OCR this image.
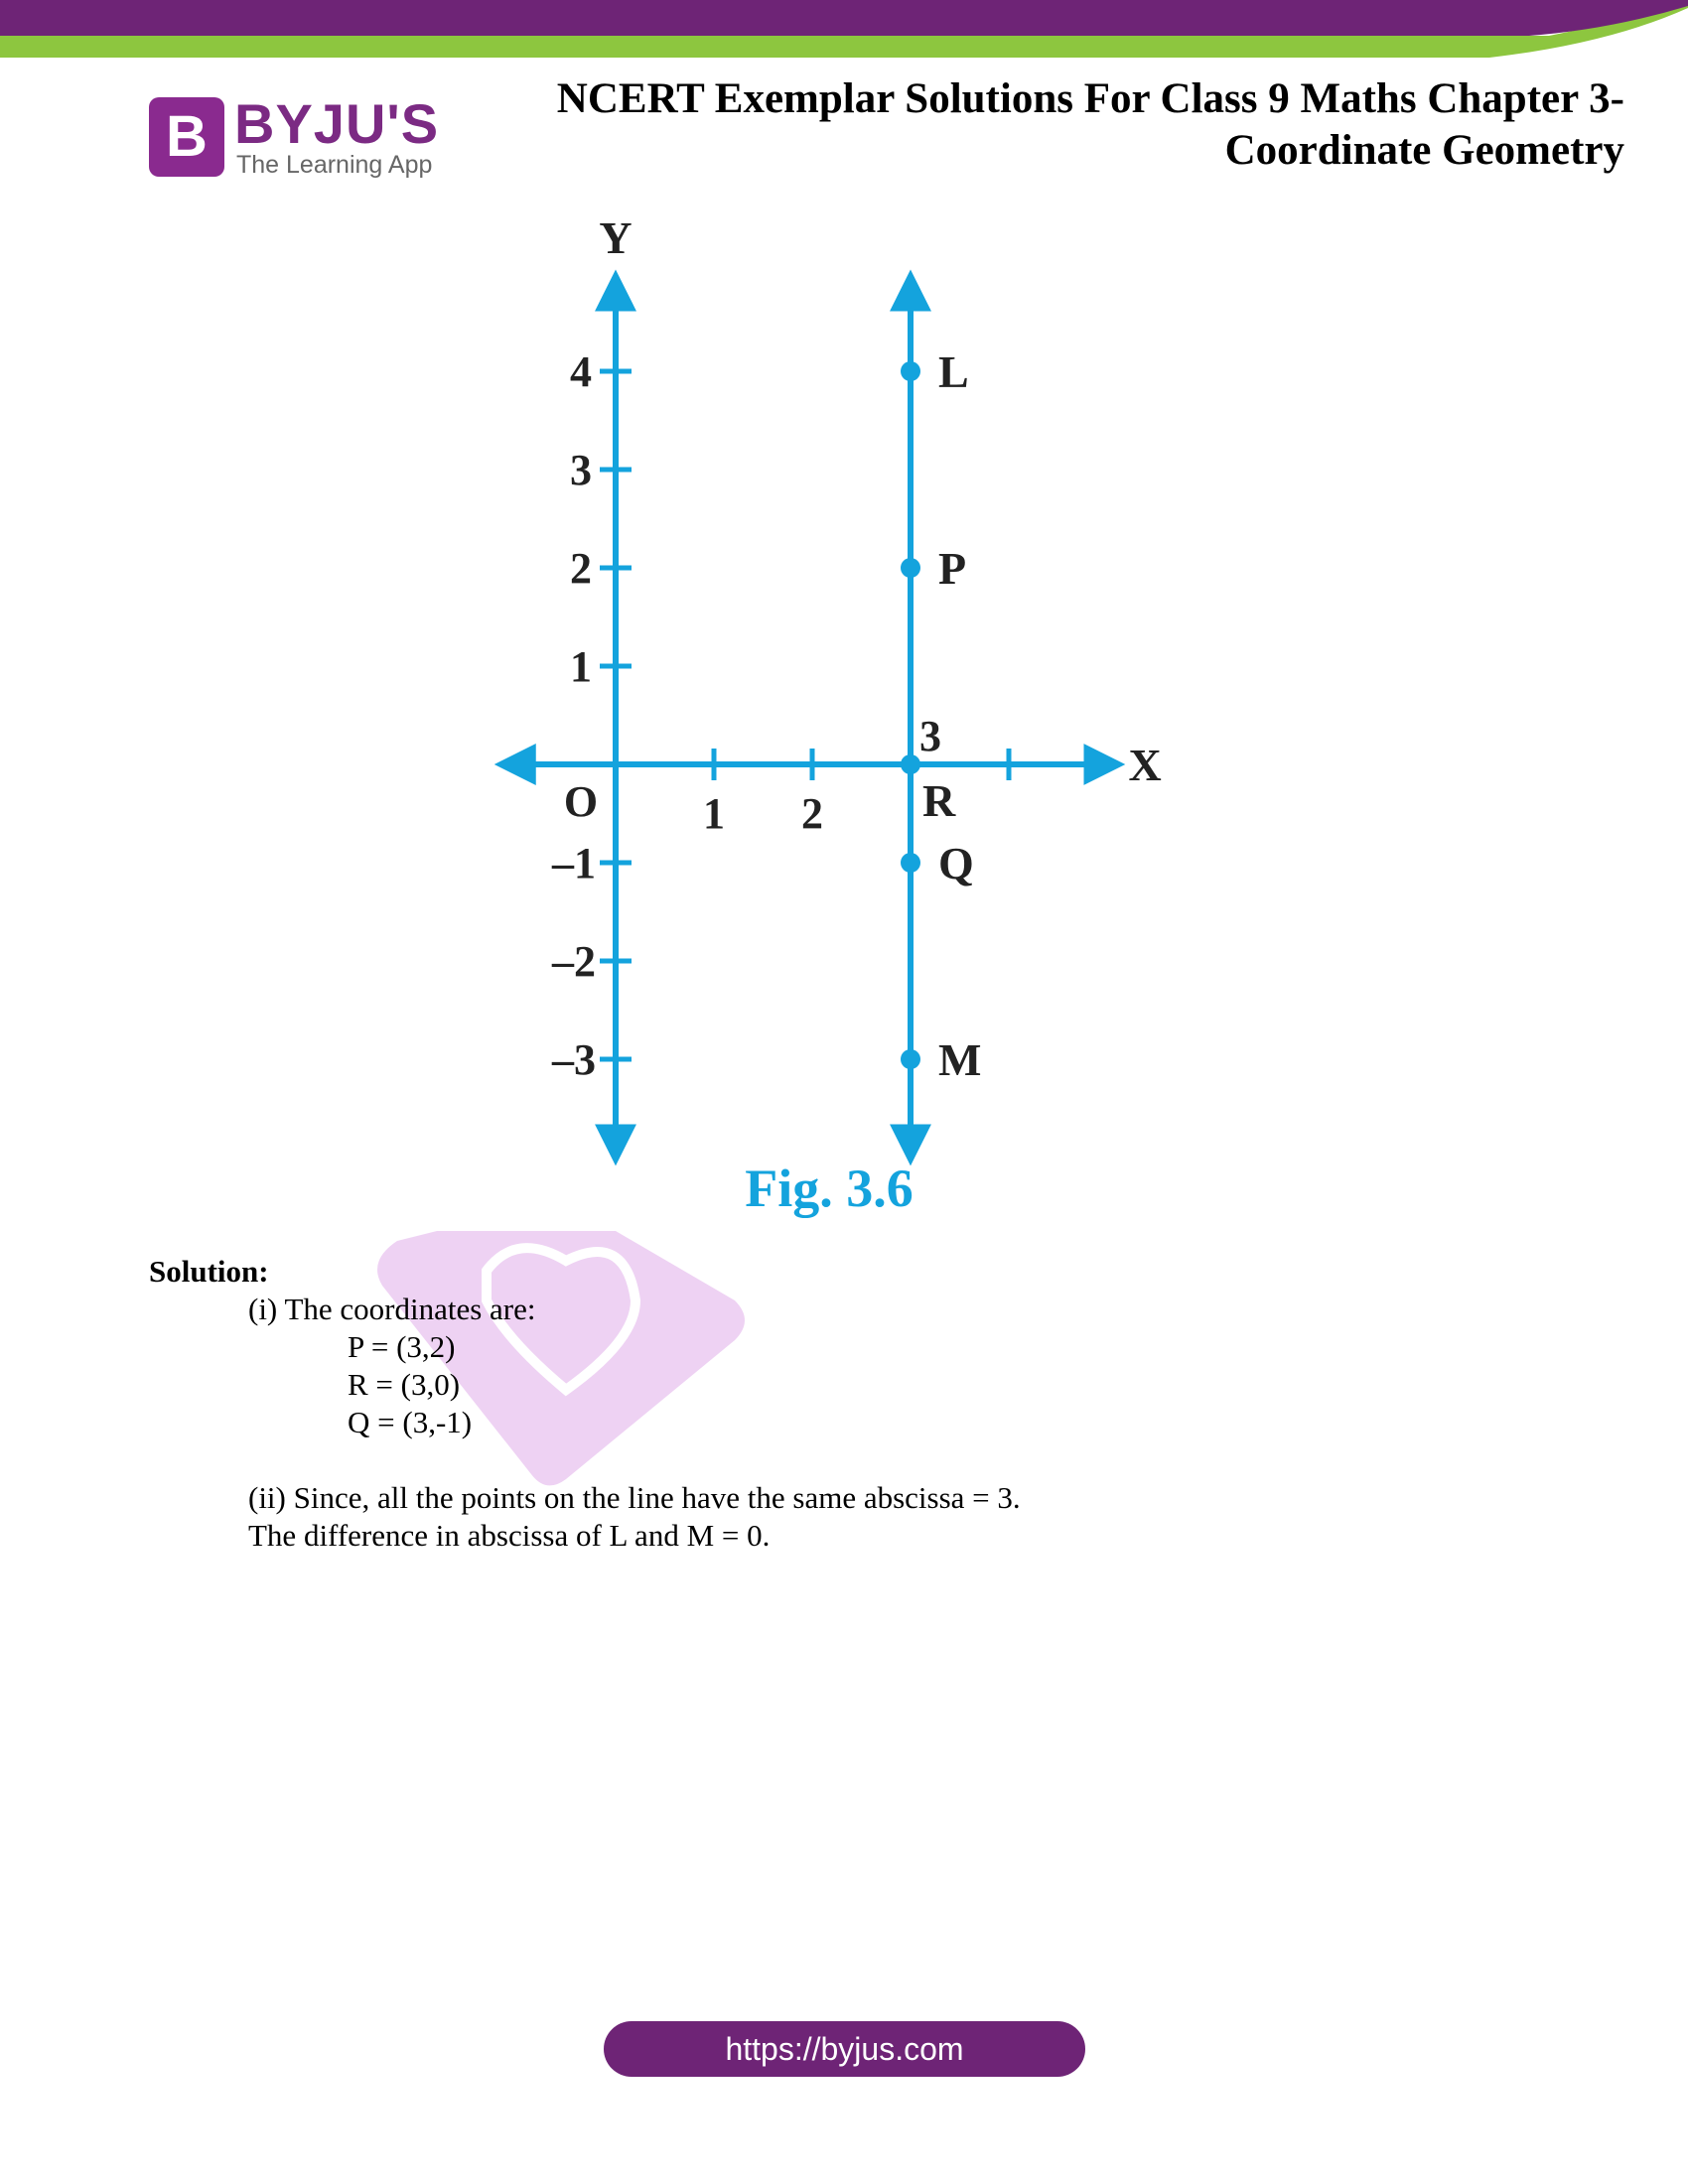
B BYJU'S
The Learning App
NCERT Exemplar Solutions For Class 9 Maths Chapter 3-
Coordinate Geometry
Y
X
O 1 2
3
1
2
3
4
–1
–2
–3
L
P
R
Q
M
Fig. 3.6
Solution:
(i) The coordinates are:
P = (3,2)
R = (3,0)
Q = (3,-1)
(ii) Since, all the points on the line have the same abscissa = 3.
The difference in abscissa of L and M = 0.
https://byjus.com
